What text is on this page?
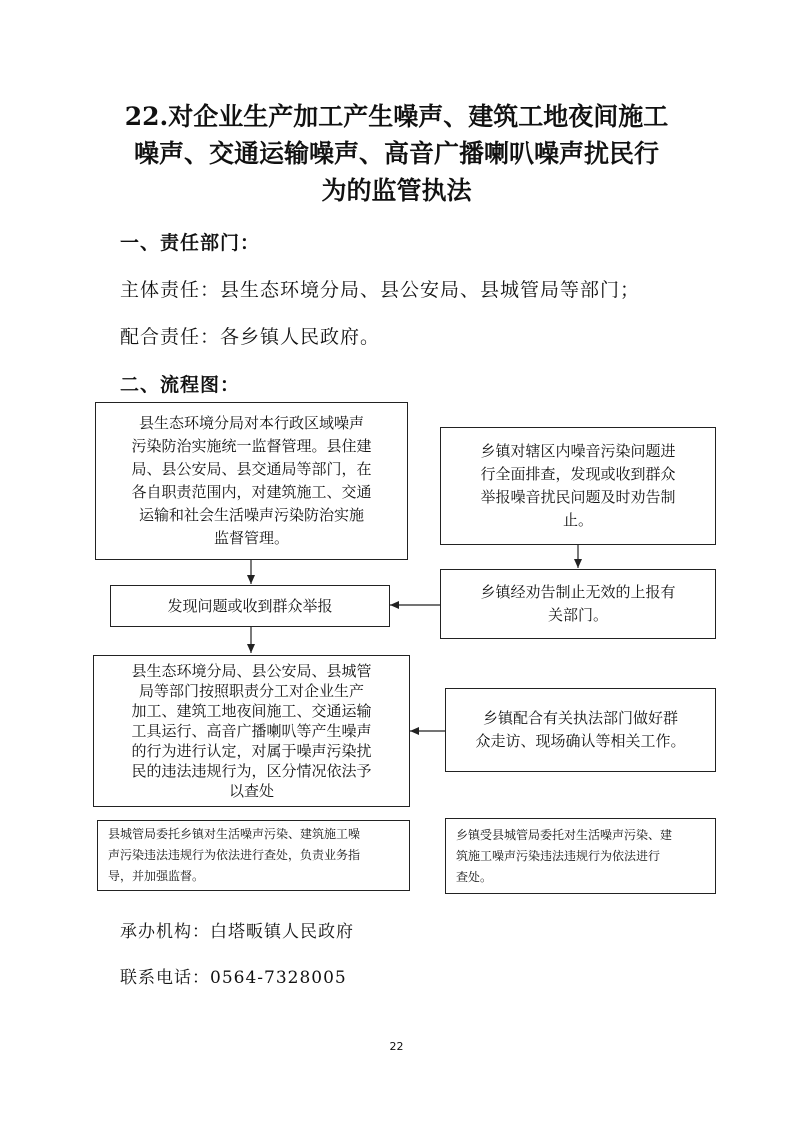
22.对企业生产加工产生噪声、建筑工地夜间施工
噪声、交通运输噪声、高音广播喇叭噪声扰民行
为的监管执法
一、责任部门：
主体责任：县生态环境分局、县公安局、县城管局等部门；
配合责任：各乡镇人民政府。
二、流程图：
县生态环境分局对本行政区域噪声
污染防治实施统一监督管理。县住建
局、县公安局、县交通局等部门，在
各自职责范围内，对建筑施工、交通
运输和社会生活噪声污染防治实施
监督管理。
乡镇对辖区内噪音污染问题进
行全面排查，发现或收到群众
举报噪音扰民问题及时劝告制
止。
发现问题或收到群众举报
乡镇经劝告制止无效的上报有
关部门。
县生态环境分局、县公安局、县城管
局等部门按照职责分工对企业生产
加工、建筑工地夜间施工、交通运输
工具运行、高音广播喇叭等产生噪声
的行为进行认定，对属于噪声污染扰
民的违法违规行为，区分情况依法予
以查处
乡镇配合有关执法部门做好群
众走访、现场确认等相关工作。
县城管局委托乡镇对生活噪声污染、建筑施工噪
声污染违法违规行为依法进行查处，负责业务指
导，并加强监督。
乡镇受县城管局委托对生活噪声污染、建
筑施工噪声污染违法违规行为依法进行
查处。
承办机构：白塔畈镇人民政府
联系电话：0564-7328005
22
